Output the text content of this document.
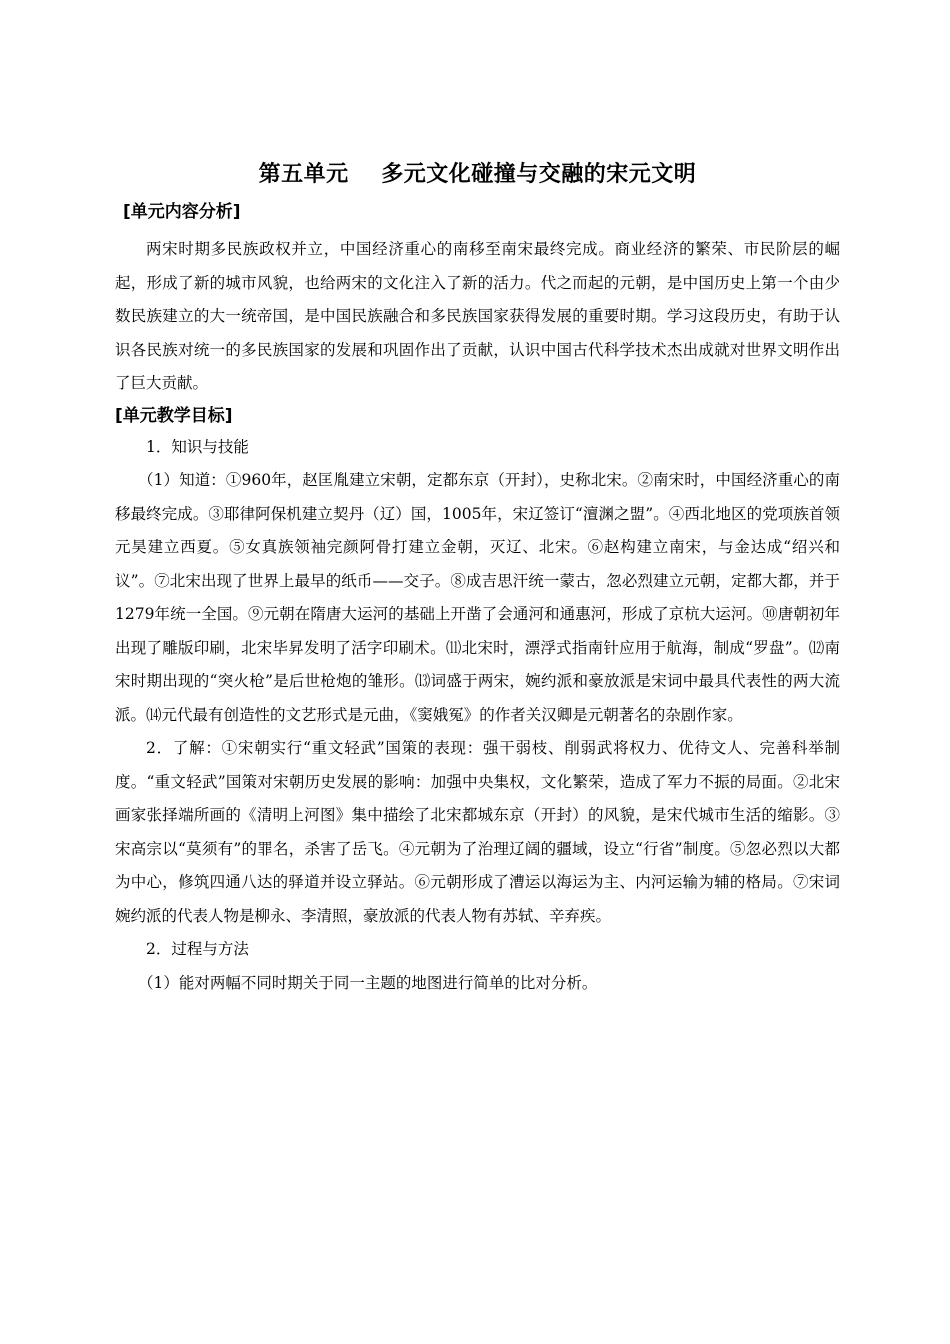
第五单元    多元文化碰撞与交融的宋元文明
[单元内容分析]

两宋时期多民族政权并立，中国经济重心的南移至南宋最终完成。商业经济的繁荣、市民阶层的崛起，形成了新的城市风貌，也给两宋的文化注入了新的活力。代之而起的元朝，是中国历史上第一个由少数民族建立的大一统帝国，是中国民族融合和多民族国家获得发展的重要时期。学习这段历史，有助于认识各民族对统一的多民族国家的发展和巩固作出了贡献，认识中国古代科学技术杰出成就对世界文明作出了巨大贡献。

[单元教学目标]

1．知识与技能

（1）知道：①960年，赵匡胤建立宋朝，定都东京（开封），史称北宋。②南宋时，中国经济重心的南移最终完成。③耶律阿保机建立契丹（辽）国，1005年，宋辽签订“澶渊之盟”。④西北地区的党项族首领元昊建立西夏。⑤女真族领袖完颜阿骨打建立金朝，灭辽、北宋。⑥赵构建立南宋，与金达成“绍兴和议”。⑦北宋出现了世界上最早的纸币——交子。⑧成吉思汗统一蒙古，忽必烈建立元朝，定都大都，并于1279年统一全国。⑨元朝在隋唐大运河的基础上开凿了会通河和通惠河，形成了京杭大运河。⑩唐朝初年出现了雕版印刷，北宋毕昇发明了活字印刷术。⑾北宋时，漂浮式指南针应用于航海，制成“罗盘”。⑿南宋时期出现的“突火枪”是后世枪炮的雏形。⒀词盛于两宋，婉约派和豪放派是宋词中最具代表性的两大流派。⒁元代最有创造性的文艺形式是元曲，《窦娥冤》的作者关汉卿是元朝著名的杂剧作家。

2．了解：①宋朝实行“重文轻武”国策的表现：强干弱枝、削弱武将权力、优待文人、完善科举制度。“重文轻武”国策对宋朝历史发展的影响：加强中央集权，文化繁荣，造成了军力不振的局面。②北宋画家张择端所画的《清明上河图》集中描绘了北宋都城东京（开封）的风貌，是宋代城市生活的缩影。③宋高宗以“莫须有”的罪名，杀害了岳飞。④元朝为了治理辽阔的疆域，设立“行省”制度。⑤忽必烈以大都为中心，修筑四通八达的驿道并设立驿站。⑥元朝形成了漕运以海运为主、内河运输为辅的格局。⑦宋词婉约派的代表人物是柳永、李清照，豪放派的代表人物有苏轼、辛弃疾。

2．过程与方法

（1）能对两幅不同时期关于同一主题的地图进行简单的比对分析。
